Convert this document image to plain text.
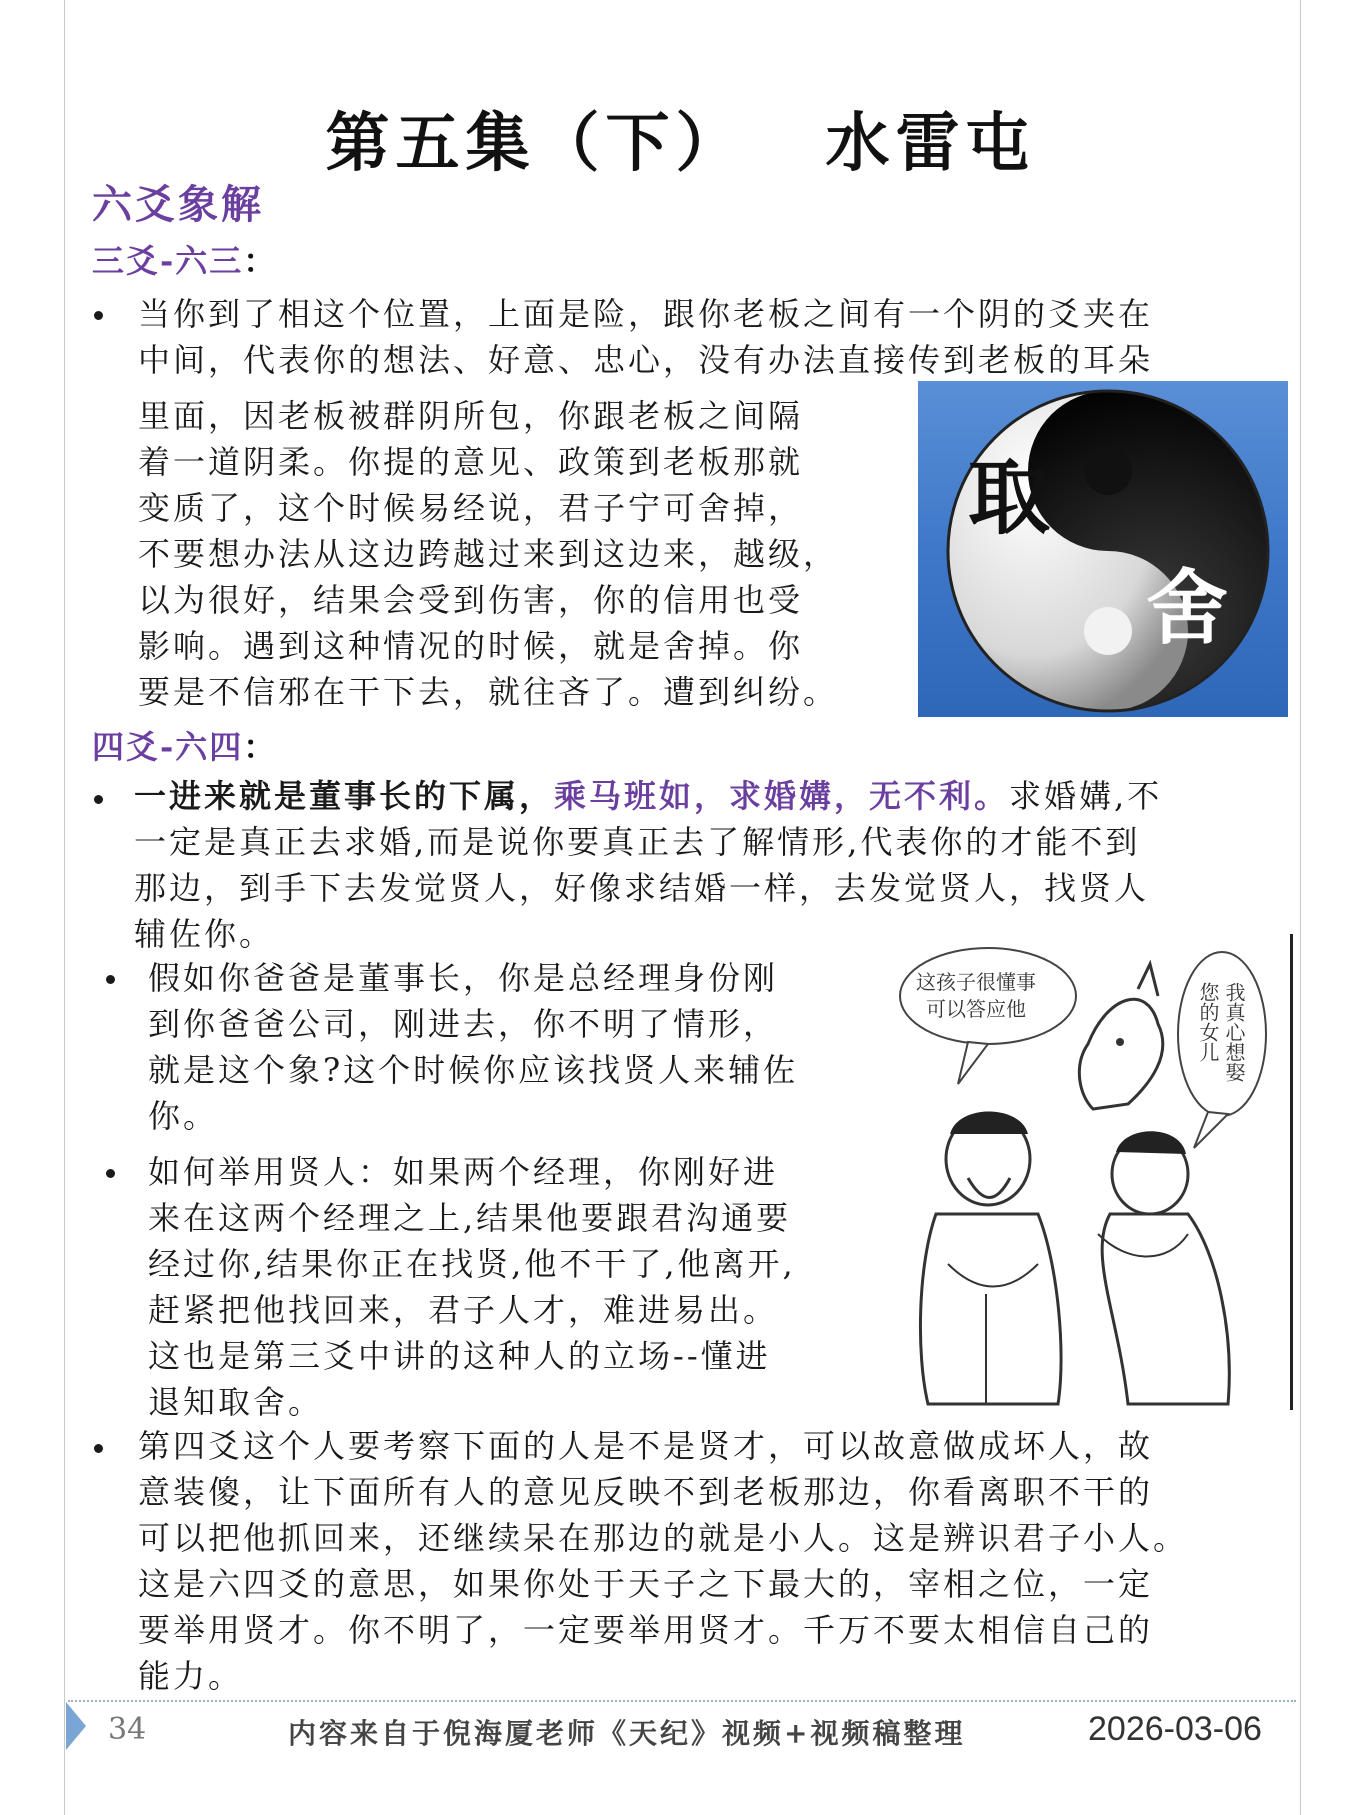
第五集（下） 水雷屯
六爻象解
三爻-六三：
当你到了相这个位置，上面是险，跟你老板之间有一个阴的爻夹在
中间，代表你的想法、好意、忠心，没有办法直接传到老板的耳朵
里面，因老板被群阴所包，你跟老板之间隔
着一道阴柔。你提的意见、政策到老板那就
变质了，这个时候易经说，君子宁可舍掉，
不要想办法从这边跨越过来到这边来，越级，
以为很好，结果会受到伤害，你的信用也受
影响。遇到这种情况的时候，就是舍掉。你
要是不信邪在干下去，就往吝了。遭到纠纷。
取
舍
四爻-六四：
一进来就是董事长的下属，乘马班如，求婚媾，无不利。求婚媾,不
一定是真正去求婚,而是说你要真正去了解情形,代表你的才能不到
那边，到手下去发觉贤人，好像求结婚一样，去发觉贤人，找贤人
辅佐你。
假如你爸爸是董事长，你是总经理身份刚
到你爸爸公司，刚进去，你不明了情形，
就是这个象?这个时候你应该找贤人来辅佐
你。
如何举用贤人：如果两个经理，你刚好进
来在这两个经理之上,结果他要跟君沟通要
经过你,结果你正在找贤,他不干了,他离开,
赶紧把他找回来，君子人才，难进易出。
这也是第三爻中讲的这种人的立场--懂进
退知取舍。
这孩子很懂事
可以答应他	我真心想娶
您的女儿
第四爻这个人要考察下面的人是不是贤才，可以故意做成坏人，故
意装傻，让下面所有人的意见反映不到老板那边，你看离职不干的
可以把他抓回来，还继续呆在那边的就是小人。这是辨识君子小人。
这是六四爻的意思，如果你处于天子之下最大的，宰相之位，一定
要举用贤才。你不明了，一定要举用贤才。千万不要太相信自己的
能力。
34	内容来自于倪海厦老师《天纪》视频+视频稿整理	2026-03-06
